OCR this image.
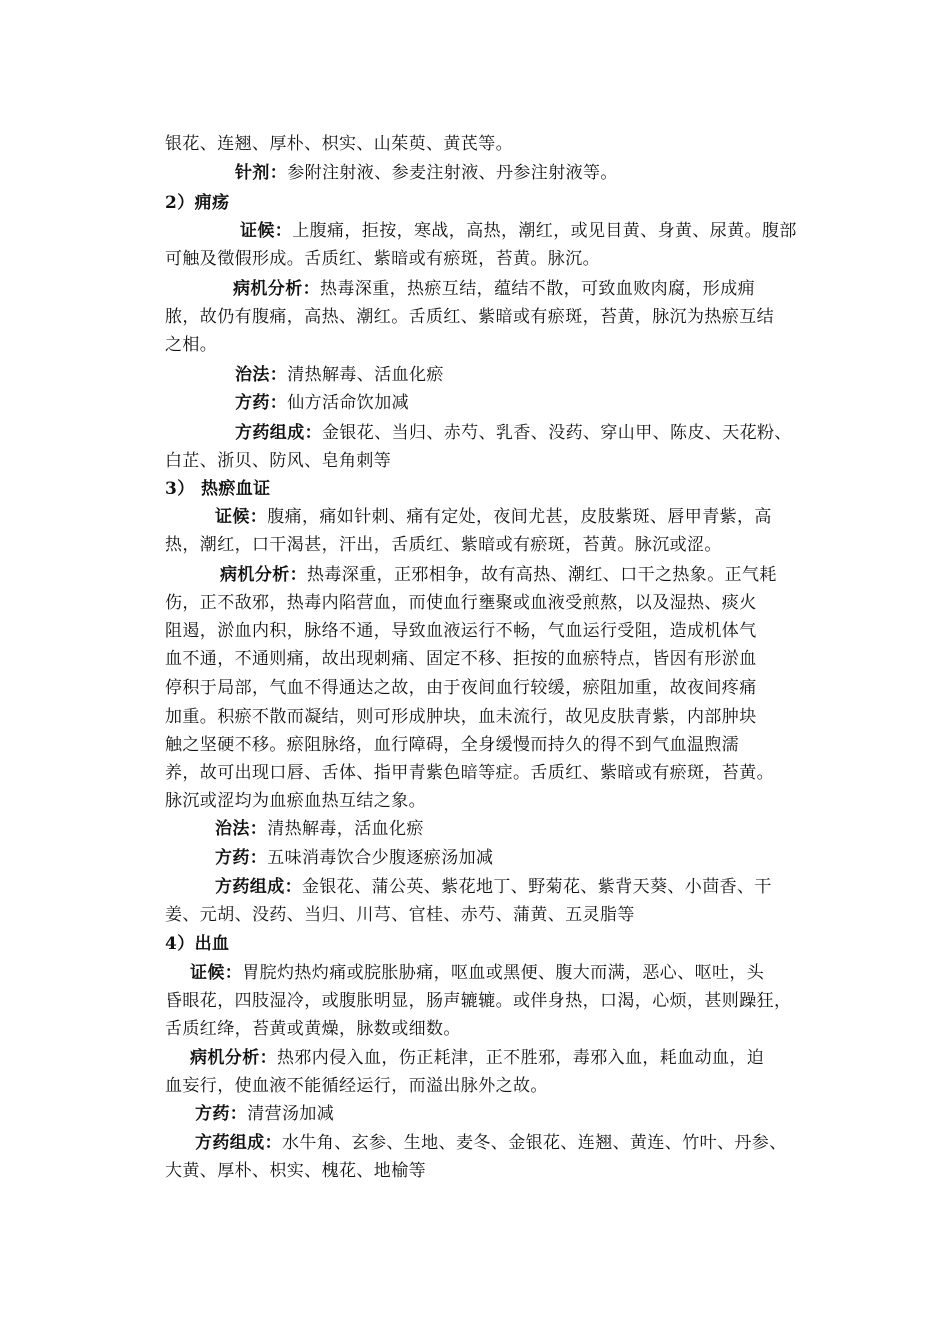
银花、连翘、厚朴、枳实、山茱萸、黄芪等。
针剂：参附注射液、参麦注射液、丹参注射液等。
2）痈疡
证候：上腹痛，拒按，寒战，高热，潮红，或见目黄、身黄、尿黄。腹部
可触及徵假形成。舌质红、紫暗或有瘀斑，苔黄。脉沉。
病机分析：热毒深重，热瘀互结，蕴结不散，可致血败肉腐，形成痈
脓，故仍有腹痛，高热、潮红。舌质红、紫暗或有瘀斑，苔黄，脉沉为热瘀互结
之相。
治法：清热解毒、活血化瘀
方药：仙方活命饮加减
方药组成：金银花、当归、赤芍、乳香、没药、穿山甲、陈皮、天花粉、
白芷、浙贝、防风、皂角刺等
3） 热瘀血证
证候：腹痛，痛如针刺、痛有定处，夜间尤甚，皮肢紫斑、唇甲青紫，高
热，潮红，口干渴甚，汗出，舌质红、紫暗或有瘀斑，苔黄。脉沉或涩。
病机分析：热毒深重，正邪相争，故有高热、潮红、口干之热象。正气耗
伤，正不敌邪，热毒内陷营血，而使血行壅聚或血液受煎熬，以及湿热、痰火
阻遏，淤血内积，脉络不通，导致血液运行不畅，气血运行受阻，造成机体气
血不通，不通则痛，故出现刺痛、固定不移、拒按的血瘀特点，皆因有形淤血
停积于局部，气血不得通达之故，由于夜间血行较缓，瘀阻加重，故夜间疼痛
加重。积瘀不散而凝结，则可形成肿块，血未流行，故见皮肤青紫，内部肿块
触之坚硬不移。瘀阻脉络，血行障碍，全身缓慢而持久的得不到气血温煦濡
养，故可出现口唇、舌体、指甲青紫色暗等症。舌质红、紫暗或有瘀斑，苔黄。
脉沉或涩均为血瘀血热互结之象。
治法：清热解毒，活血化瘀
方药：五味消毒饮合少腹逐瘀汤加减
方药组成：金银花、蒲公英、紫花地丁、野菊花、紫背天葵、小茴香、干
姜、元胡、没药、当归、川芎、官桂、赤芍、蒲黄、五灵脂等
4）出血
证候：胃脘灼热灼痛或脘胀胁痛，呕血或黑便、腹大而满，恶心、呕吐，头
昏眼花，四肢湿冷，或腹胀明显，肠声辘辘。或伴身热，口渴，心烦，甚则躁狂，
舌质红绛，苔黄或黄燥，脉数或细数。
病机分析：热邪内侵入血，伤正耗津，正不胜邪，毒邪入血，耗血动血，迫
血妄行，使血液不能循经运行，而溢出脉外之故。
方药：清营汤加减
方药组成：水牛角、玄参、生地、麦冬、金银花、连翘、黄连、竹叶、丹参、
大黄、厚朴、枳实、槐花、地榆等
